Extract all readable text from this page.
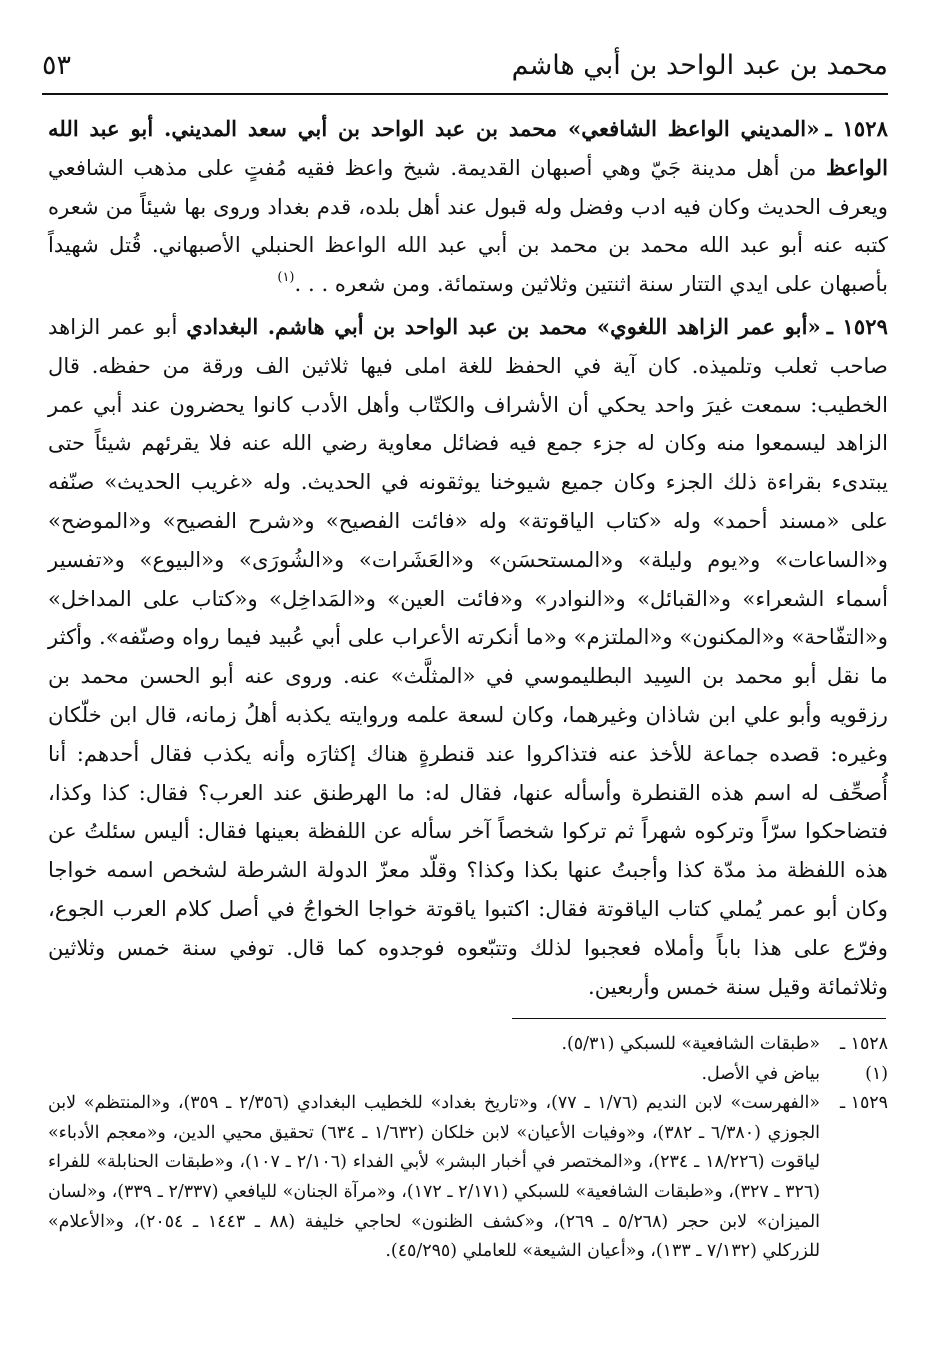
محمد بن عبد الواحد بن أبي هاشم
٥٣

١٥٢٨ ـ«المديني الواعظ الشافعي» محمد بن عبد الواحد بن أبي سعد المديني. أبو عبد الله الواعظ من أهل مدينة جَيّ وهي أصبهان القديمة. شيخ واعظ فقيه مُفتٍ على مذهب الشافعي ويعرف الحديث وكان فيه ادب وفضل وله قبول عند أهل بلده، قدم بغداد وروى بها شيئاً من شعره كتبه عنه أبو عبد الله محمد بن محمد بن أبي عبد الله الواعظ الحنبلي الأصبهاني. قُتل شهيداً بأصبهان على ايدي التتار سنة اثنتين وثلاثين وستمائة. ومن شعره . . .$^{(١)}$

١٥٢٩ ـ«أبو عمر الزاهد اللغوي» محمد بن عبد الواحد بن أبي هاشم. البغدادي أبو عمر الزاهد صاحب ثعلب وتلميذه. كان آية في الحفظ للغة املى فيها ثلاثين الف ورقة من حفظه. قال الخطيب: سمعت غيرَ واحد يحكي أن الأشراف والكتّاب وأهل الأدب كانوا يحضرون عند أبي عمر الزاهد ليسمعوا منه وكان له جزء جمع فيه فضائل معاوية رضي الله عنه فلا يقرئهم شيئاً حتى يبتدىء بقراءة ذلك الجزء وكان جميع شيوخنا يوثقونه في الحديث. وله «غريب الحديث» صنّفه على «مسند أحمد» وله «كتاب الياقوتة» وله «فائت الفصيح» و«شرح الفصيح» و«الموضح» و«الساعات» و«يوم وليلة» و«المستحسَن» و«العَشَرات» و«الشُورَى» و«البيوع» و«تفسير أسماء الشعراء» و«القبائل» و«النوادر» و«فائت العين» و«المَداخِل» و«كتاب على المداخل» و«التفّاحة» و«المكنون» و«الملتزم» و«ما أنكرته الأعراب على أبي عُبيد فيما رواه وصنّفه». وأكثر ما نقل أبو محمد بن السِيد البطليموسي في «المثلَّث» عنه. وروى عنه أبو الحسن محمد بن رزقويه وأبو علي ابن شاذان وغيرهما، وكان لسعة علمه وروايته يكذبه أهلُ زمانه، قال ابن خلّكان وغيره: قصده جماعة للأخذ عنه فتذاكروا عند قنطرةٍ هناك إكثارَه وأنه يكذب فقال أحدهم: أنا أُصحِّف له اسم هذه القنطرة وأسأله عنها، فقال له: ما الهرطنق عند العرب؟ فقال: كذا وكذا، فتضاحكوا سرّاً وتركوه شهراً ثم تركوا شخصاً آخر سأله عن اللفظة بعينها فقال: أليس سئلتُ عن هذه اللفظة مذ مدّة كذا وأجبتُ عنها بكذا وكذا؟ وقلّد معزّ الدولة الشرطة لشخص اسمه خواجا وكان أبو عمر يُملي كتاب الياقوتة فقال: اكتبوا ياقوتة خواجا الخواجُ في أصل كلام العرب الجوع، وفرّع على هذا باباً وأملاه فعجبوا لذلك وتتبّعوه فوجدوه كما قال. توفي سنة خمس وثلاثين وثلاثمائة وقيل سنة خمس وأربعين.

١٥٢٨ ـ
«طبقات الشافعية» للسبكي (٥/٣١).
(١)
بياض في الأصل.
١٥٢٩ ـ
«الفهرست» لابن النديم (١/٧٦ ـ ٧٧)، و«تاريخ بغداد» للخطيب البغدادي (٢/٣٥٦ ـ ٣٥٩)، و«المنتظم» لابن الجوزي (٦/٣٨٠ ـ ٣٨٢)، و«وفيات الأعيان» لابن خلكان (١/٦٣٢ ـ ٦٣٤) تحقيق محيي الدين، و«معجم الأدباء» لياقوت (١٨/٢٢٦ ـ ٢٣٤)، و«المختصر في أخبار البشر» لأبي الفداء (٢/١٠٦ ـ ١٠٧)، و«طبقات الحنابلة» للفراء (٣٢٦ ـ ٣٢٧)، و«طبقات الشافعية» للسبكي (٢/١٧١ ـ ١٧٢)، و«مرآة الجنان» لليافعي (٢/٣٣٧ ـ ٣٣٩)، و«لسان الميزان» لابن حجر (٥/٢٦٨ ـ ٢٦٩)، و«كشف الظنون» لحاجي خليفة (٨٨ ـ ١٤٤٣ ـ ٢٠٥٤)، و«الأعلام» للزركلي (٧/١٣٢ ـ ١٣٣)، و«أعيان الشيعة» للعاملي (٤٥/٢٩٥).
